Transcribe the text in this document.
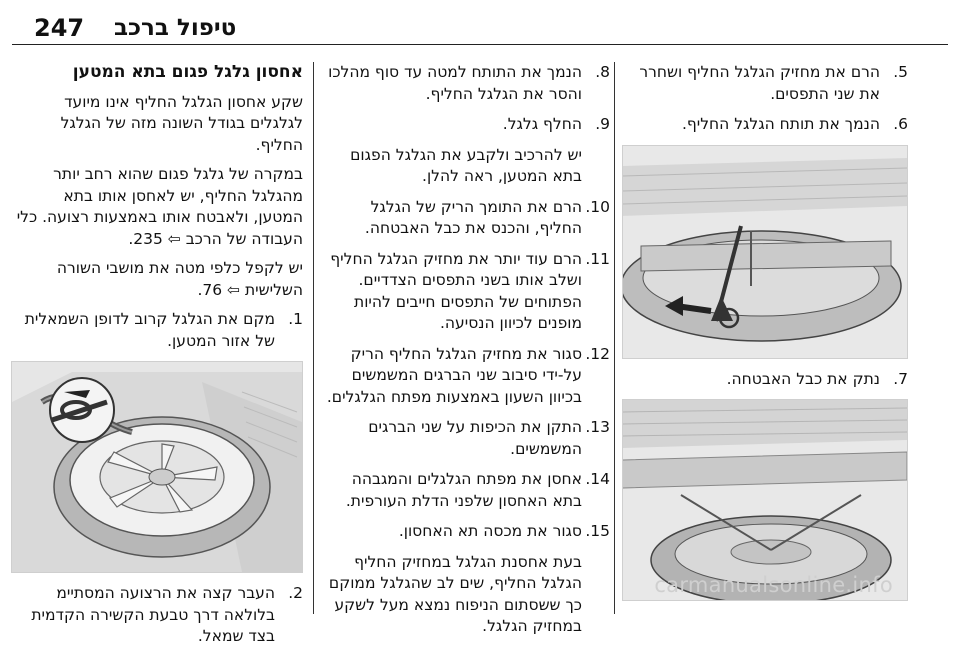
247 טיפול ברכב
אחסון גלגל פגום בתא המטען

שקע אחסון הגלגל החליף אינו מיועד לגלגלים בגודל השונה מזה של הגלגל החליף.

במקרה של גלגל פגום שהוא רחב יותר מהגלגל החליף, יש לאחסן אותו בתא המטען, ולאבטח אותו באמצעות רצועה. כלי העבודה של הרכב ⇦ 235.

יש לקפל כלפי מטה את מושבי השורה השלישית ⇦ 76.

1.
מקם את הגלגל קרוב לדופן השמאלית של אזור המטען.
2.
העבר קצה את הרצועה המסתיימ בלולאה דרך טבעת הקשירה הקדמית בצד שמאל.
8.
הנמך את התותח למטה עד סוף מהלכו והסר את הגלגל החליף.
9.
החלף גלגל.
יש להרכיב ולקבע את הגלגל הפגום בתא המטען, ראה להלן.
10.
הרם את התומך הריק של הגלגל החליף, והכנס את כבל האבטחה.
11.
הרם עוד יותר את מחזיק הגלגל החליף ושלב אותו בשני התפסים הצדדיים. הפתוחים של התפסים חייבים להיות מופנים לכיוון הנסיעה.
12.
סגור את מחזיק הגלגל החליף הריק על-ידי סיבוב שני הברגים המשמשים בכיוון השעון באמצעות מפתח הגלגלים.
13.
התקן את הכיפות על שני הברגים המשמשים.
14.
אחסן את מפתח הגלגלים והמגבהה בתא האחסון שלפני הדלת העורפית.
15.
סגור את מכסה תא האחסון.
בעת אחסנת הגלגל במחזיק החליף הגלגל החליף, שים לב שהגלגל ממוקם כך ששסתום הניפוח נמצא מעל לשקע במחזיק הגלגל.
5.
הרם את מחזיק הגלגל החליף ושחרר את שני התפסים.
6.
הנמך את תותח הגלגל החליף.
7.
נתק את כבל האבטחה.
carmanualsonline.info
